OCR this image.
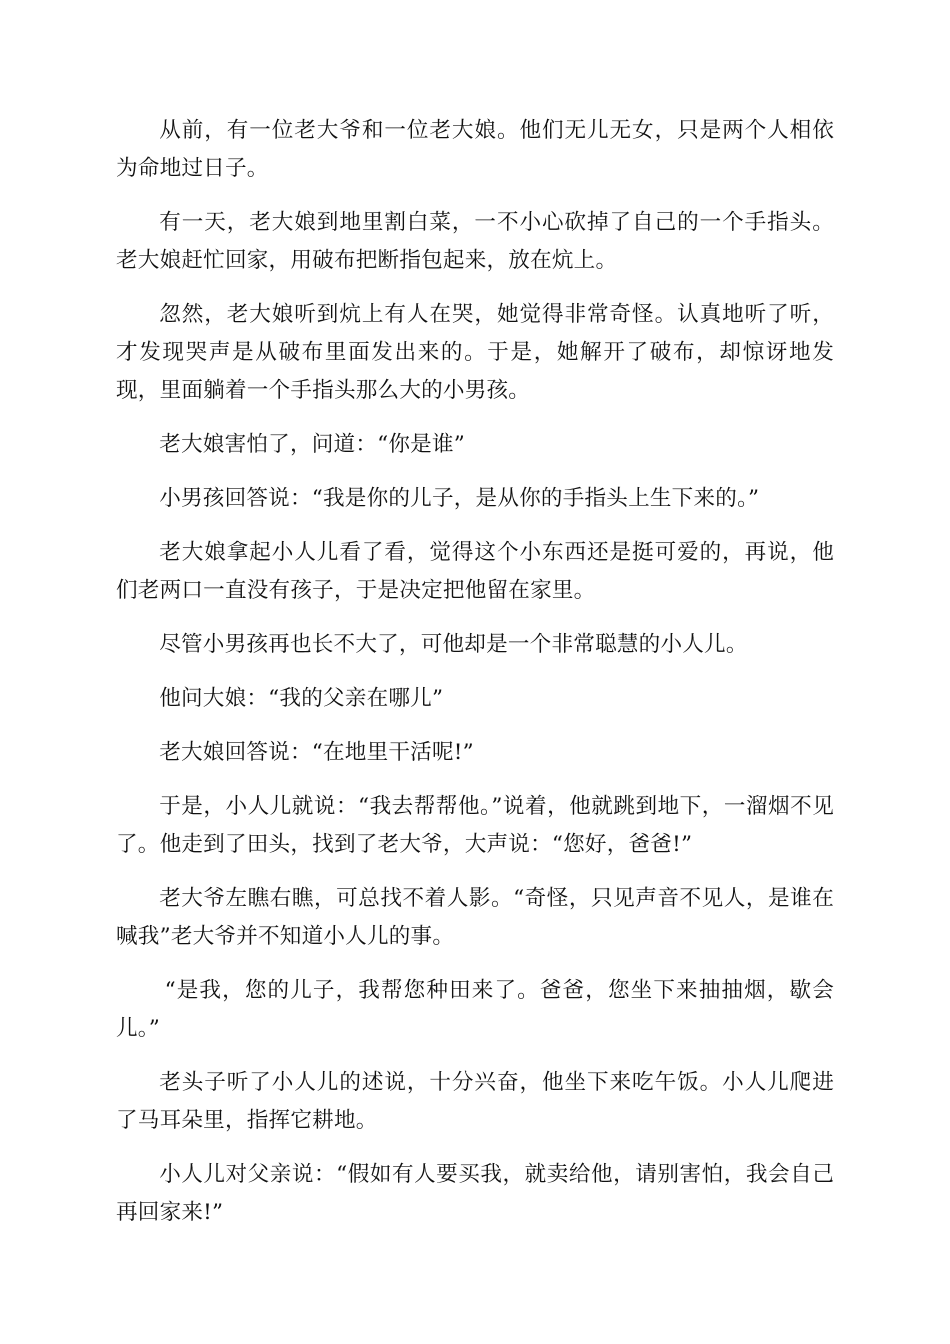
从前，有一位老大爷和一位老大娘。他们无儿无女，只是两个人相依为命地过日子。

有一天，老大娘到地里割白菜，一不小心砍掉了自己的一个手指头。老大娘赶忙回家，用破布把断指包起来，放在炕上。

忽然，老大娘听到炕上有人在哭，她觉得非常奇怪。认真地听了听，才发现哭声是从破布里面发出来的。于是，她解开了破布，却惊讶地发现，里面躺着一个手指头那么大的小男孩。

老大娘害怕了，问道：“你是谁”

小男孩回答说：“我是你的儿子，是从你的手指头上生下来的。”

老大娘拿起小人儿看了看，觉得这个小东西还是挺可爱的，再说，他们老两口一直没有孩子，于是决定把他留在家里。

尽管小男孩再也长不大了，可他却是一个非常聪慧的小人儿。

他问大娘：“我的父亲在哪儿”

老大娘回答说：“在地里干活呢!”

于是，小人儿就说：“我去帮帮他。”说着，他就跳到地下，一溜烟不见了。他走到了田头，找到了老大爷，大声说：“您好，爸爸!”

老大爷左瞧右瞧，可总找不着人影。“奇怪，只见声音不见人，是谁在喊我”老大爷并不知道小人儿的事。

“是我，您的儿子，我帮您种田来了。爸爸，您坐下来抽抽烟，歇会儿。”

老头子听了小人儿的述说，十分兴奋，他坐下来吃午饭。小人儿爬进了马耳朵里，指挥它耕地。

小人儿对父亲说：“假如有人要买我，就卖给他，请别害怕，我会自己再回家来!”
